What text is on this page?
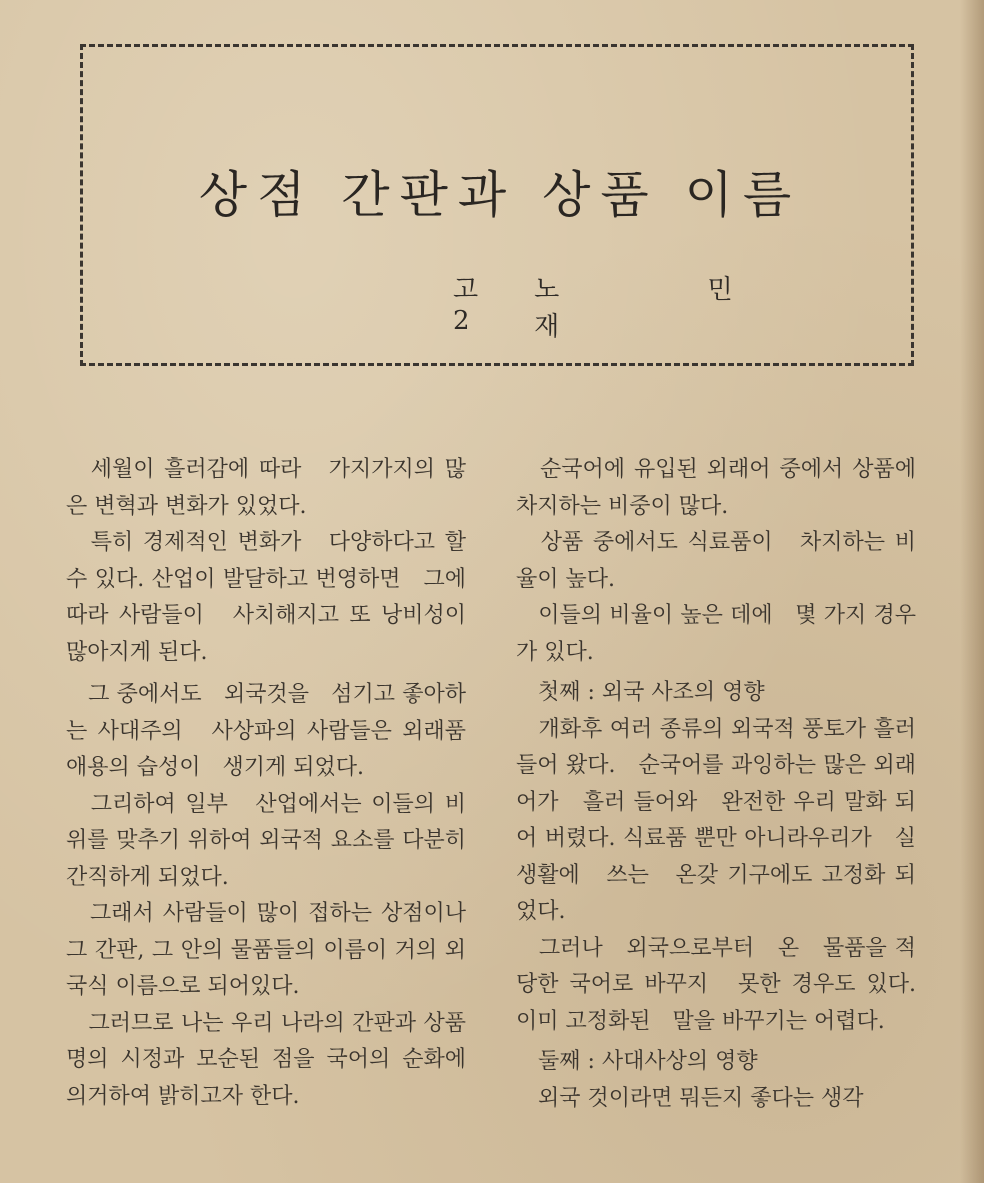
상점 간판과 상품 이름
고2
노 민 재

　세월이 흘러감에 따라　가지가지의 많은 변혁과 변화가 있었다.

　특히 경제적인 변화가　다양하다고 할 수 있다. 산업이 발달하고 번영하면　그에 따라 사람들이　사치해지고 또 낭비성이 많아지게 된다.

　그 중에서도　외국것을　섬기고 좋아하는 사대주의　사상파의 사람들은 외래품　애용의 습성이　생기게 되었다.

　그리하여 일부　산업에서는 이들의 비위를 맞추기 위하여 외국적 요소를 다분히 간직하게 되었다.

　그래서 사람들이 많이 접하는 상점이나 그 간판, 그 안의 물품들의 이름이 거의 외국식 이름으로 되어있다.

　그러므로 나는 우리 나라의 간판과 상품명의 시정과 모순된 점을 국어의 순화에　의거하여 밝히고자 한다.

　순국어에 유입된 외래어 중에서 상품에 차지하는 비중이 많다.

　상품 중에서도 식료품이　차지하는 비율이 높다.

　이들의 비율이 높은 데에　몇 가지 경우가 있다.

　첫째 : 외국 사조의 영향

　개화후 여러 종류의 외국적 풍토가 흘러 들어 왔다.　순국어를 과잉하는 많은 외래어가　흘러 들어와　완전한 우리 말화 되어 버렸다. 식료품 뿐만 아니라우리가　실생활에　쓰는　온갖 기구에도 고정화 되었다.

　그러나　외국으로부터　온　물품을 적당한 국어로 바꾸지　못한 경우도 있다. 이미 고정화된　말을 바꾸기는 어렵다.

　둘째 : 사대사상의 영향

　외국 것이라면 뭐든지 좋다는 생각
